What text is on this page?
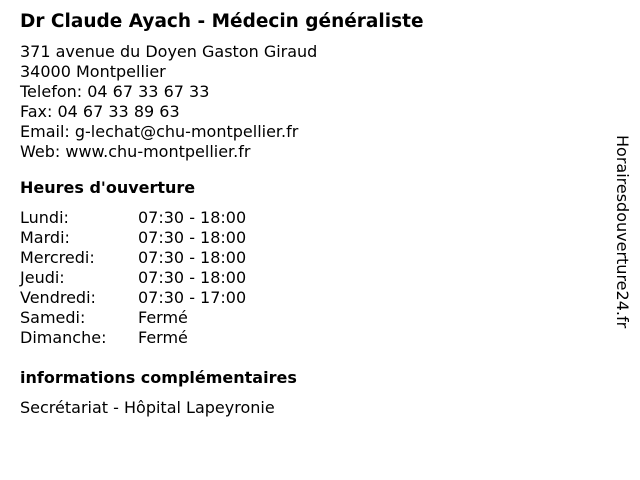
Dr Claude Ayach - Médecin généraliste
371 avenue du Doyen Gaston Giraud
34000 Montpellier
Telefon: 04 67 33 67 33
Fax: 04 67 33 89 63
Email: g-lechat@chu-montpellier.fr
Web: www.chu-montpellier.fr
Heures d'ouverture
Lundi:	07:30 - 18:00
Mardi:	07:30 - 18:00
Mercredi:	07:30 - 18:00
Jeudi:	07:30 - 18:00
Vendredi:	07:30 - 17:00
Samedi:	Fermé
Dimanche:	Fermé
informations complémentaires
Secrétariat - Hôpital Lapeyronie
Horairesdouverture24.fr
